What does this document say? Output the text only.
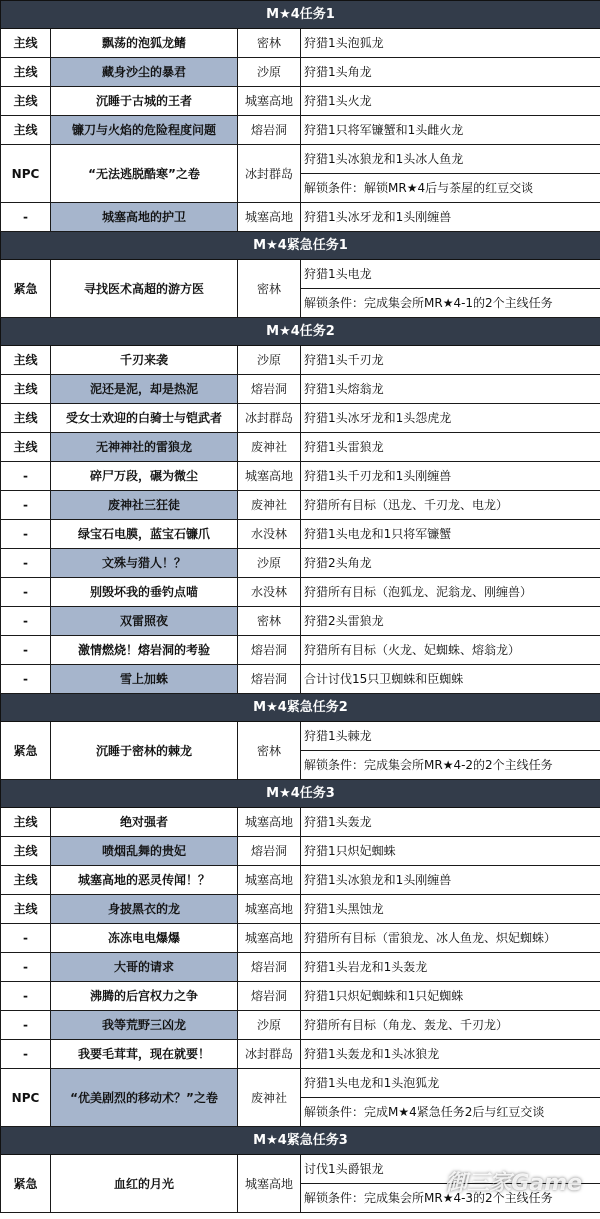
M★4任务1			
主线	飘荡的泡狐龙鳍	密林	狩猎1头泡狐龙
主线	藏身沙尘的暴君	沙原	狩猎1头角龙
主线	沉睡于古城的王者	城塞高地	狩猎1头火龙
主线	镰刀与火焰的危险程度问题	熔岩洞	狩猎1只将军镰蟹和1头雌火龙
NPC	“无法逃脱酷寒”之卷	冰封群岛	狩猎1头冰狼龙和1头冰人鱼龙
解锁条件：解锁MR★4后与茶屋的红豆交谈

-	城塞高地的护卫	城塞高地	狩猎1头冰牙龙和1头刚缠兽
M★4紧急任务1			
紧急	寻找医术高超的游方医	密林	狩猎1头电龙
解锁条件：完成集会所MR★4-1的2个主线任务

M★4任务2			
主线	千刃来袭	沙原	狩猎1头千刃龙
主线	泥还是泥，却是热泥	熔岩洞	狩猎1头熔翁龙
主线	受女士欢迎的白骑士与铠武者	冰封群岛	狩猎1头冰牙龙和1头怨虎龙
主线	无神神社的雷狼龙	废神社	狩猎1头雷狼龙
-	碎尸万段，碾为微尘	城塞高地	狩猎1头千刃龙和1头刚缠兽
-	废神社三狂徒	废神社	狩猎所有目标（迅龙、千刃龙、电龙）
-	绿宝石电膜，蓝宝石镰爪	水没林	狩猎1头电龙和1只将军镰蟹
-	文殊与猎人！？	沙原	狩猎2头角龙
-	别毁坏我的垂钓点喵	水没林	狩猎所有目标（泡狐龙、泥翁龙、刚缠兽）
-	双雷照夜	密林	狩猎2头雷狼龙
-	激情燃烧！熔岩洞的考验	熔岩洞	狩猎所有目标（火龙、妃蜘蛛、熔翁龙）
-	雪上加蛛	熔岩洞	合计讨伐15只卫蜘蛛和臣蜘蛛
M★4紧急任务2			
紧急	沉睡于密林的棘龙	密林	狩猎1头棘龙
解锁条件：完成集会所MR★4-2的2个主线任务

M★4任务3			
主线	绝对强者	城塞高地	狩猎1头轰龙
主线	喷烟乱舞的贵妃	熔岩洞	狩猎1只炽妃蜘蛛
主线	城塞高地的恶灵传闻！？	城塞高地	狩猎1头冰狼龙和1头刚缠兽
主线	身披黑衣的龙	城塞高地	狩猎1头黑蚀龙
-	冻冻电电爆爆	城塞高地	狩猎所有目标（雷狼龙、冰人鱼龙、炽妃蜘蛛）
-	大哥的请求	熔岩洞	狩猎1头岩龙和1头轰龙
-	沸腾的后宫权力之争	熔岩洞	狩猎1只炽妃蜘蛛和1只妃蜘蛛
-	我等荒野三凶龙	沙原	狩猎所有目标（角龙、轰龙、千刃龙）
-	我要毛茸茸，现在就要！	冰封群岛	狩猎1头轰龙和1头冰狼龙
NPC	“优美剧烈的移动术？”之卷	废神社	狩猎1头电龙和1头泡狐龙
解锁条件：完成M★4紧急任务2后与红豆交谈

M★4紧急任务3			
紧急	血红的月光	城塞高地	讨伐1头爵银龙
解锁条件：完成集会所MR★4-3的2个主线任务
御三家Game
